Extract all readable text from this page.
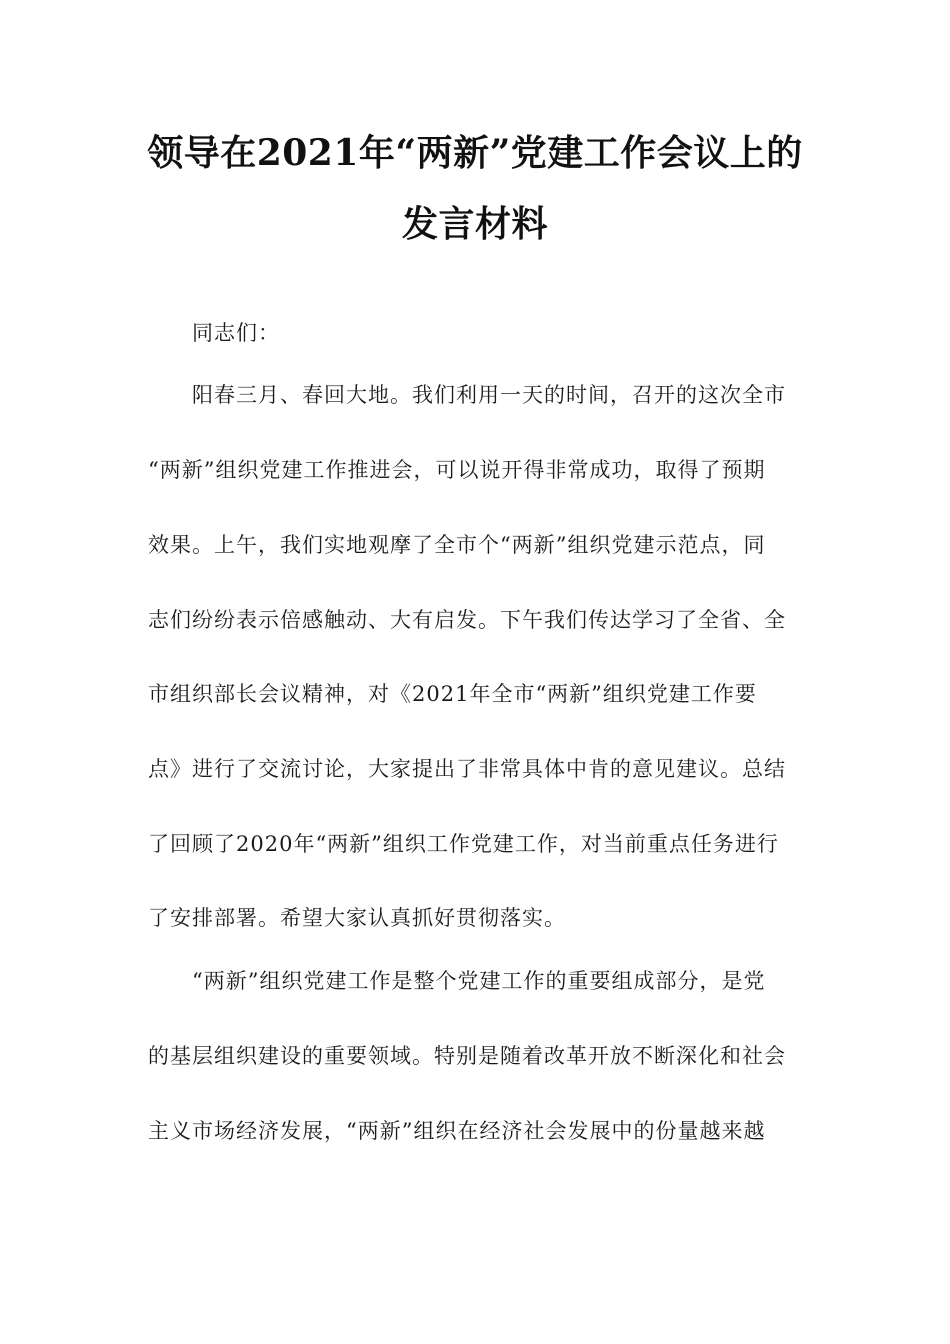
领导在2021年“两新”党建工作会议上的
发言材料

同志们：

阳春三月、春回大地。我们利用一天的时间，召开的这次全市

“两新”组织党建工作推进会，可以说开得非常成功，取得了预期

效果。上午，我们实地观摩了全市个“两新”组织党建示范点，同

志们纷纷表示倍感触动、大有启发。下午我们传达学习了全省、全

市组织部长会议精神，对《2021年全市“两新”组织党建工作要

点》进行了交流讨论，大家提出了非常具体中肯的意见建议。总结

了回顾了2020年“两新”组织工作党建工作，对当前重点任务进行

了安排部署。希望大家认真抓好贯彻落实。

“两新”组织党建工作是整个党建工作的重要组成部分，是党

的基层组织建设的重要领域。特别是随着改革开放不断深化和社会

主义市场经济发展，“两新”组织在经济社会发展中的份量越来越
